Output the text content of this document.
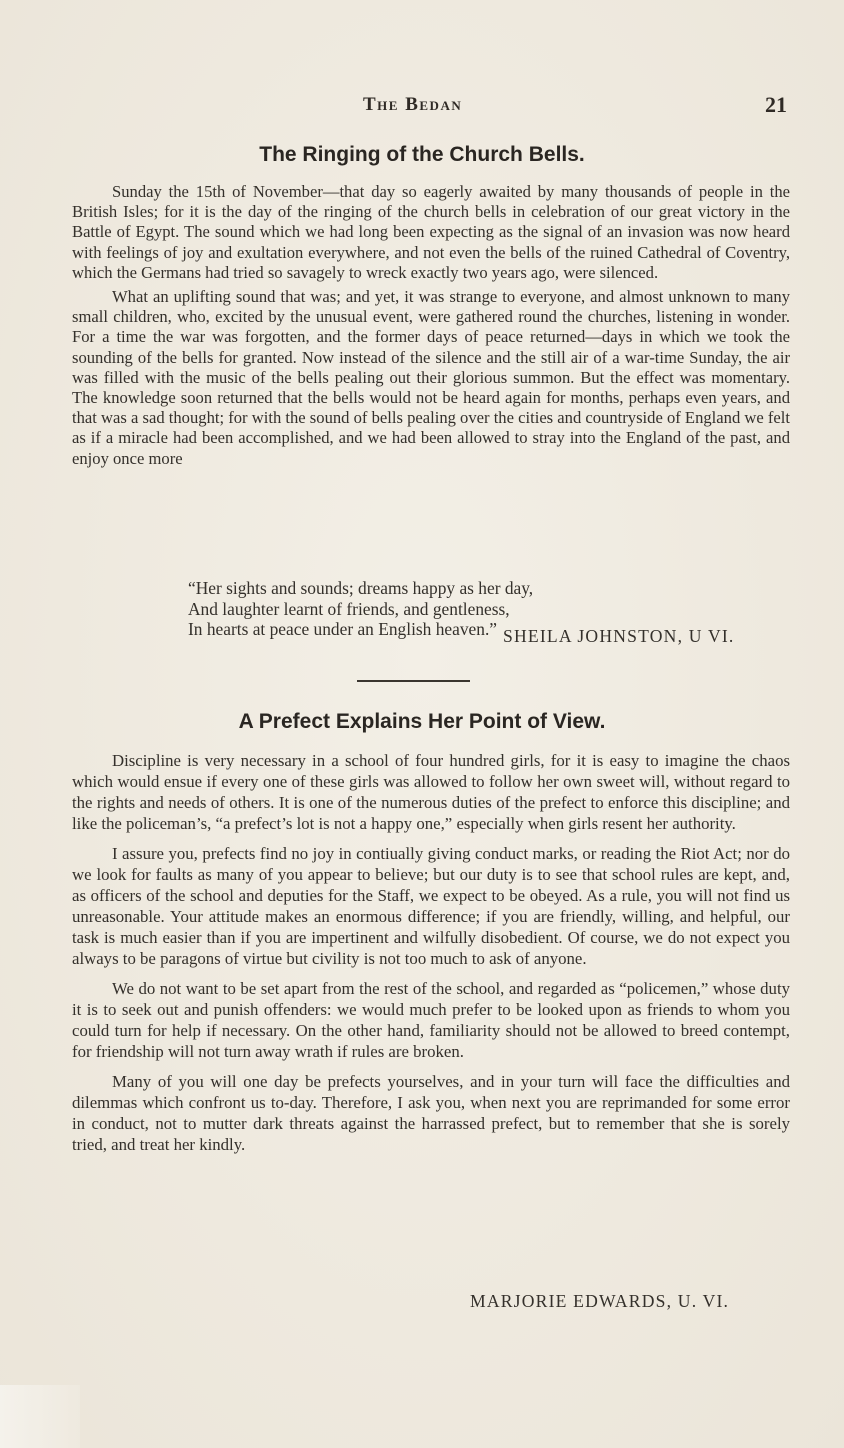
The Bedan	21
The Ringing of the Church Bells.

Sunday the 15th of November—that day so eagerly awaited by many thousands of people in the British Isles; for it is the day of the ringing of the church bells in celebration of our great victory in the Battle of Egypt. The sound which we had long been expecting as the signal of an invasion was now heard with feelings of joy and exultation everywhere, and not even the bells of the ruined Cathedral of Coventry, which the Germans had tried so savagely to wreck exactly two years ago, were silenced.

What an uplifting sound that was; and yet, it was strange to everyone, and almost unknown to many small children, who, excited by the unusual event, were gathered round the churches, listening in wonder. For a time the war was forgotten, and the former days of peace returned—days in which we took the sounding of the bells for granted. Now instead of the silence and the still air of a war-time Sunday, the air was filled with the music of the bells pealing out their glorious summon. But the effect was momentary. The knowledge soon returned that the bells would not be heard again for months, perhaps even years, and that was a sad thought; for with the sound of bells pealing over the cities and countryside of England we felt as if a miracle had been accomplished, and we had been allowed to stray into the England of the past, and enjoy once more

“Her sights and sounds; dreams happy as her day,
And laughter learnt of friends, and gentleness,
In hearts at peace under an English heaven.” SHEILA JOHNSTON, U VI.
A Prefect Explains Her Point of View.

Discipline is very necessary in a school of four hundred girls, for it is easy to imagine the chaos which would ensue if every one of these girls was allowed to follow her own sweet will, without regard to the rights and needs of others. It is one of the numerous duties of the prefect to enforce this discipline; and like the policeman’s, “a prefect’s lot is not a happy one,” especially when girls resent her authority.

I assure you, prefects find no joy in contiually giving conduct marks, or reading the Riot Act; nor do we look for faults as many of you appear to believe; but our duty is to see that school rules are kept, and, as officers of the school and deputies for the Staff, we expect to be obeyed. As a rule, you will not find us unreasonable. Your attitude makes an enormous difference; if you are friendly, willing, and helpful, our task is much easier than if you are impertinent and wilfully disobedient. Of course, we do not expect you always to be paragons of virtue but civility is not too much to ask of anyone.

We do not want to be set apart from the rest of the school, and regarded as “policemen,” whose duty it is to seek out and punish offenders: we would much prefer to be looked upon as friends to whom you could turn for help if necessary. On the other hand, familiarity should not be allowed to breed contempt, for friendship will not turn away wrath if rules are broken.

Many of you will one day be prefects yourselves, and in your turn will face the difficulties and dilemmas which confront us to-day. Therefore, I ask you, when next you are reprimanded for some error in conduct, not to mutter dark threats against the harrassed prefect, but to remember that she is sorely tried, and treat her kindly.

MARJORIE EDWARDS, U. VI.
